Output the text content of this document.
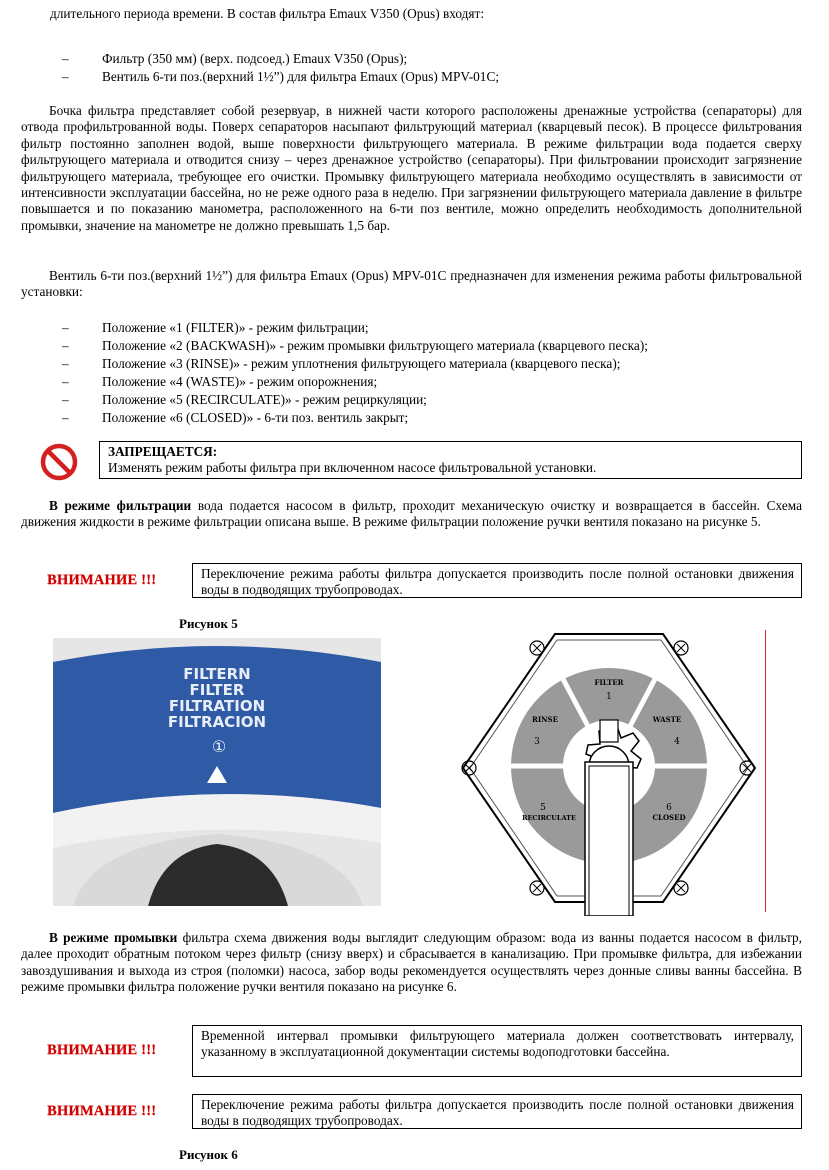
длительного периода времени. В состав фильтра Emaux V350 (Opus) входят:
–	Фильтр (350 мм) (верх. подсоед.) Emaux V350 (Opus);
–	Вентиль 6-ти поз.(верхний 1½”) для фильтра Emaux (Opus) MPV-01C;
Бочка фильтра представляет собой резервуар, в нижней части которого расположены дренажные устройства (сепараторы) для отвода профильтрованной воды. Поверх сепараторов насыпают фильтрующий материал (кварцевый песок). В процессе фильтрования фильтр постоянно заполнен водой, выше поверхности фильтрующего материала. В режиме фильтрации вода подается сверху фильтрующего материала и отводится снизу – через дренажное устройство (сепараторы). При фильтровании происходит загрязнение фильтрующего материала, требующее его очистки. Промывку фильтрующего материала необходимо осуществлять в зависимости от интенсивности эксплуатации бассейна, но не реже одного раза в неделю. При загрязнении фильтрующего материала давление в фильтре повышается и по показанию манометра, расположенного на 6-ти поз вентиле, можно определить необходимость дополнительной промывки, значение на манометре не должно превышать 1,5 бар.
Вентиль 6-ти поз.(верхний 1½”) для фильтра Emaux (Opus) MPV-01C предназначен для изменения режима работы фильтровальной установки:
–	Положение «1 (FILTER)» - режим фильтрации;
–	Положение «2 (BACKWASH)» - режим промывки фильтрующего материала (кварцевого песка);
–	Положение «3 (RINSE)» - режим уплотнения фильтрующего материала (кварцевого песка);
–	Положение «4 (WASTE)» - режим опорожнения;
–	Положение «5 (RECIRCULATE)» - режим рециркуляции;
–	Положение «6 (CLOSED)» - 6-ти поз. вентиль закрыт;
ЗАПРЕЩАЕТСЯ:
Изменять режим работы фильтра при включенном насосе фильтровальной установки.
В режиме фильтрации вода подается насосом в фильтр, проходит механическую очистку и возвращается в бассейн. Схема движения жидкости в режиме фильтрации описана выше. В режиме фильтрации положение ручки вентиля показано на рисунке 5.
ВНИМАНИЕ !!!	Переключение режима работы фильтра допускается производить после полной остановки движения воды в подводящих трубопроводах.
Рисунок 5
FILTERN
FILTER
FILTRATION
FILTRACION
①
FILTER
1
WASTE
4
CLOSED
6
RECIRCULATE
5
RINSE
3
В режиме промывки фильтра схема движения воды выглядит следующим образом: вода из ванны подается насосом в фильтр, далее проходит обратным потоком через фильтр (снизу вверх) и сбрасывается в канализацию. При промывке фильтра, для избежании завоздушивания и выхода из строя (поломки) насоса, забор воды рекомендуется осуществлять через донные сливы ванны бассейна. В режиме промывки фильтра положение ручки вентиля показано на рисунке 6.
ВНИМАНИЕ !!!
Временной интервал промывки фильтрующего материала должен соответствовать интервалу, указанному в эксплуатационной документации системы водоподготовки бассейна.
ВНИМАНИЕ !!!	Переключение режима работы фильтра допускается производить после полной остановки движения воды в подводящих трубопроводах.
Рисунок 6
